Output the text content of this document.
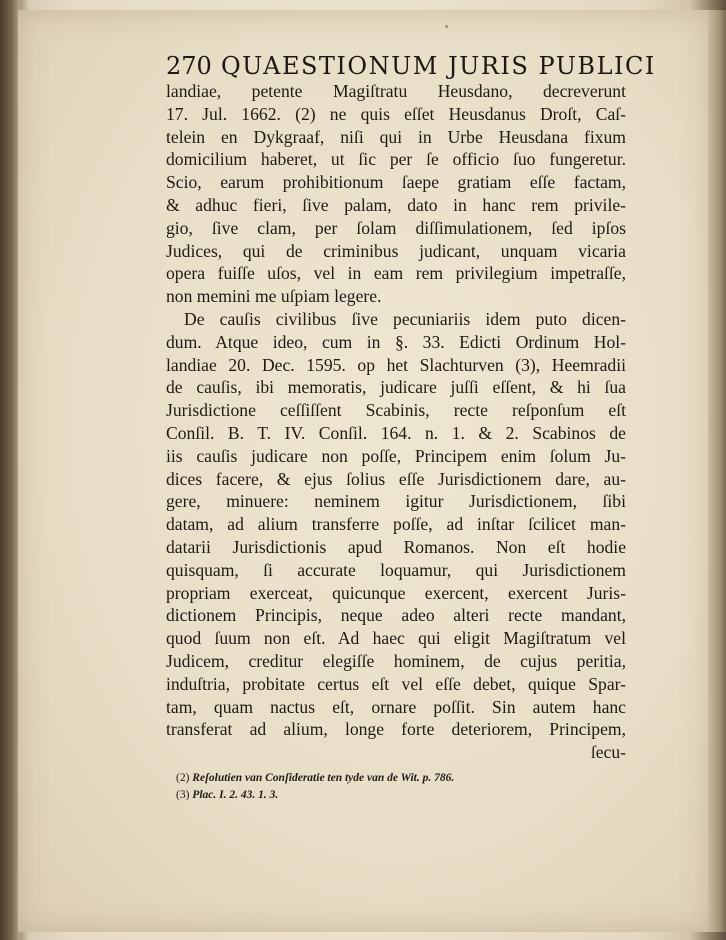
270 QUAESTIONUM JURIS PUBLICI
landiae, petente Magiſtratu Heusdano, decreverunt
17. Jul. 1662. (2) ne quis eſſet Heusdanus Droſt, Caſ-
telein en Dykgraaf, niſi qui in Urbe Heusdana fixum
domicilium haberet, ut ſic per ſe officio ſuo fungeretur.
Scio, earum prohibitionum ſaepe gratiam eſſe factam,
& adhuc fieri, ſive palam, dato in hanc rem privile-
gio, ſive clam, per ſolam diſſimulationem, ſed ipſos
Judices, qui de criminibus judicant, unquam vicaria
opera fuiſſe uſos, vel in eam rem privilegium impetraſſe,
non memini me uſpiam legere.
De cauſis civilibus ſive pecuniariis idem puto dicen-
dum. Atque ideo, cum in §. 33. Edicti Ordinum Hol-
landiae 20. Dec. 1595. op het Slachturven (3), Heemradii
de cauſis, ibi memoratis, judicare juſſi eſſent, & hi ſua
Jurisdictione ceſſiſſent Scabinis, recte reſponſum eſt
Conſil. B. T. IV. Conſil. 164. n. 1. & 2. Scabinos de
iis cauſis judicare non poſſe, Principem enim ſolum Ju-
dices facere, & ejus ſolius eſſe Jurisdictionem dare, au-
gere, minuere: neminem igitur Jurisdictionem, ſibi
datam, ad alium transferre poſſe, ad inſtar ſcilicet man-
datarii Jurisdictionis apud Romanos. Non eſt hodie
quisquam, ſi accurate loquamur, qui Jurisdictionem
propriam exerceat, quicunque exercent, exercent Juris-
dictionem Principis, neque adeo alteri recte mandant,
quod ſuum non eſt. Ad haec qui eligit Magiſtratum vel
Judicem, creditur elegiſſe hominem, de cujus peritia,
induſtria, probitate certus eſt vel eſſe debet, quique Spar-
tam, quam nactus eſt, ornare poſſit. Sin autem hanc
transferat ad alium, longe forte deteriorem, Principem,
ſecu-
(2) Reſolutien van Conſideratie ten tyde van de Wit. p. 786.
(3) Plac. I. 2. 43. 1. 3.
